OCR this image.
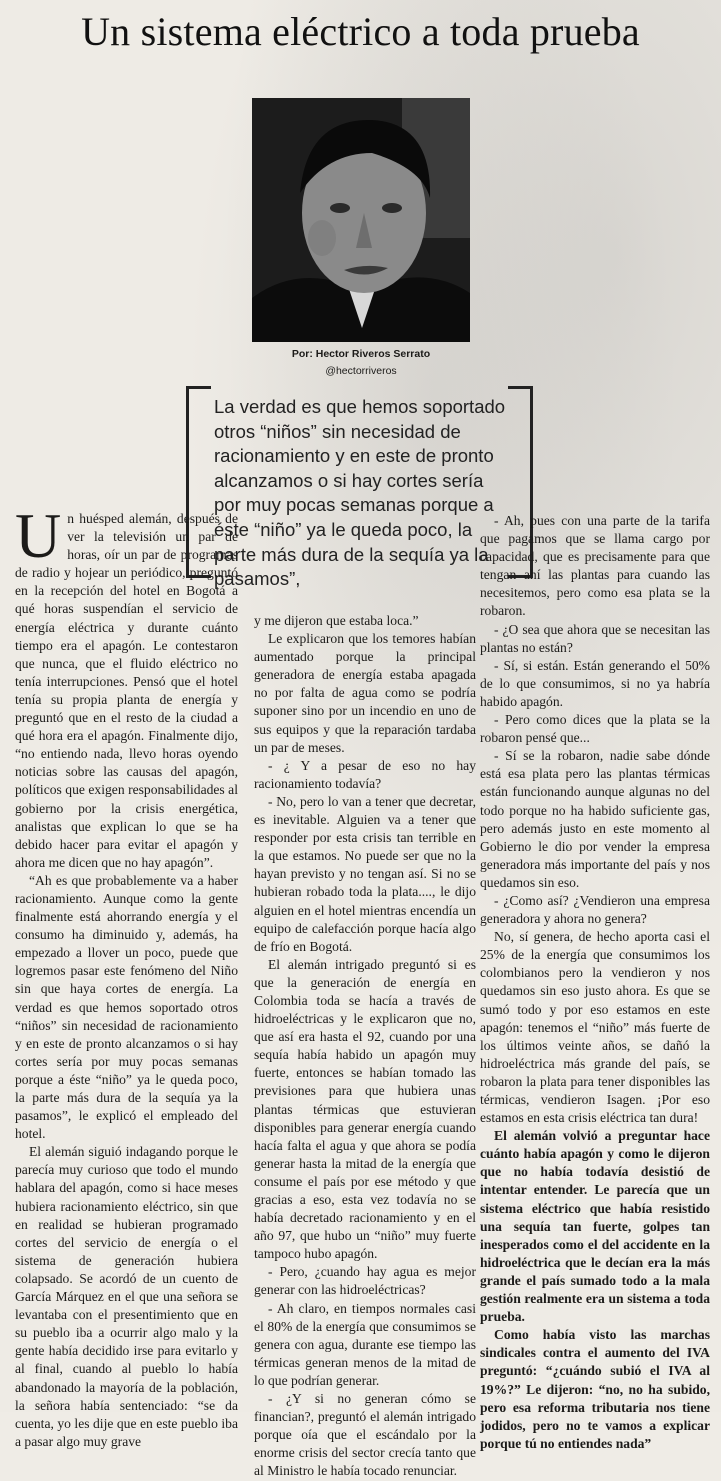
Un sistema eléctrico a toda prueba
Por: Hector Riveros Serrato
@hectorriveros

La verdad es que hemos soportado otros “niños” sin necesidad de racionamiento y en este de pronto alcanzamos o si hay cortes sería por muy pocas semanas porque a éste “niño” ya le queda poco, la parte más dura de la sequía ya la pasamos”,

Un huésped alemán, después de ver la televisión un par de horas, oír un par de programas de radio y hojear un periódico, preguntó en la recepción del hotel en Bogotá a qué horas suspendían el servicio de energía eléctrica y durante cuánto tiempo era el apagón. Le contestaron que nunca, que el fluido eléctrico no tenía interrupciones. Pensó que el hotel tenía su propia planta de energía y preguntó que en el resto de la ciudad a qué hora era el apagón. Finalmente dijo, “no entiendo nada, llevo horas oyendo noticias sobre las causas del apagón, políticos que exigen responsabilidades al gobierno por la crisis energética, analistas que explican lo que se ha debido hacer para evitar el apagón y ahora me dicen que no hay apagón”.

“Ah es que probablemente va a haber racionamiento. Aunque como la gente finalmente está ahorrando energía y el consumo ha diminuido y, además, ha empezado a llover un poco, puede que logremos pasar este fenómeno del Niño sin que haya cortes de energía. La verdad es que hemos soportado otros “niños” sin necesidad de racionamiento y en este de pronto alcanzamos o si hay cortes sería por muy pocas semanas porque a éste “niño” ya le queda poco, la parte más dura de la sequía ya la pasamos”, le explicó el empleado del hotel.

El alemán siguió indagando porque le parecía muy curioso que todo el mundo hablara del apagón, como si hace meses hubiera racionamiento eléctrico, sin que en realidad se hubieran programado cortes del servicio de energía o el sistema de generación hubiera colapsado. Se acordó de un cuento de García Márquez en el que una señora se levantaba con el presentimiento que en su pueblo iba a ocurrir algo malo y la gente había decidido irse para evitarlo y al final, cuando al pueblo lo había abandonado la mayoría de la población, la señora había sentenciado: “se da cuenta, yo les dije que en este pueblo iba a pasar algo muy grave

y me dijeron que estaba loca.”

Le explicaron que los temores habían aumentado porque la principal generadora de energía estaba apagada no por falta de agua como se podría suponer sino por un incendio en uno de sus equipos y que la reparación tardaba un par de meses.

- ¿ Y a pesar de eso no hay racionamiento todavía?

- No, pero lo van a tener que decretar, es inevitable. Alguien va a tener que responder por esta crisis tan terrible en la que estamos. No puede ser que no la hayan previsto y no tengan así. Si no se hubieran robado toda la plata...., le dijo alguien en el hotel mientras encendía un equipo de calefacción porque hacía algo de frío en Bogotá.

El alemán intrigado preguntó si es que la generación de energía en Colombia toda se hacía a través de hidroeléctricas y le explicaron que no, que así era hasta el 92, cuando por una sequía había habido un apagón muy fuerte, entonces se habían tomado las previsiones para que hubiera unas plantas térmicas que estuvieran disponibles para generar energía cuando hacía falta el agua y que ahora se podía generar hasta la mitad de la energía que consume el país por ese método y que gracias a eso, esta vez todavía no se había decretado racionamiento y en el año 97, que hubo un “niño” muy fuerte tampoco hubo apagón.

- Pero, ¿cuando hay agua es mejor generar con las hidroeléctricas?

- Ah claro, en tiempos normales casi el 80% de la energía que consumimos se genera con agua, durante ese tiempo las térmicas generan menos de la mitad de lo que podrían generar.

- ¿Y si no generan cómo se financian?, preguntó el alemán intrigado porque oía que el escándalo por la enorme crisis del sector crecía tanto que al Ministro le había tocado renunciar.

- Ah, pues con una parte de la tarifa que pagamos que se llama cargo por capacidad, que es precisamente para que tengan ahí las plantas para cuando las necesitemos, pero como esa plata se la robaron.

- ¿O sea que ahora que se necesitan las plantas no están?

- Sí, si están. Están generando el 50% de lo que consumimos, si no ya habría habido apagón.

- Pero como dices que la plata se la robaron pensé que...

- Sí se la robaron, nadie sabe dónde está esa plata pero las plantas térmicas están funcionando aunque algunas no del todo porque no ha habido suficiente gas, pero además justo en este momento al Gobierno le dio por vender la empresa generadora más importante del país y nos quedamos sin eso.

- ¿Como así? ¿Vendieron una empresa generadora y ahora no genera?

No, sí genera, de hecho aporta casi el 25% de la energía que consumimos los colombianos pero la vendieron y nos quedamos sin eso justo ahora. Es que se sumó todo y por eso estamos en este apagón: tenemos el “niño” más fuerte de los últimos veinte años, se dañó la hidroeléctrica más grande del país, se robaron la plata para tener disponibles las térmicas, vendieron Isagen. ¡Por eso estamos en esta crisis eléctrica tan dura!

El alemán volvió a preguntar hace cuánto había apagón y como le dijeron que no había todavía desistió de intentar entender. Le parecía que un sistema eléctrico que había resistido una sequía tan fuerte, golpes tan inesperados como el del accidente en la hidroeléctrica que le decían era la más grande el país sumado todo a la mala gestión realmente era un sistema a toda prueba.

Como había visto las marchas sindicales contra el aumento del IVA preguntó: “¿cuándo subió el IVA al 19%?” Le dijeron: “no, no ha subido, pero esa reforma tributaria nos tiene jodidos, pero no te vamos a explicar porque tú no entiendes nada”
